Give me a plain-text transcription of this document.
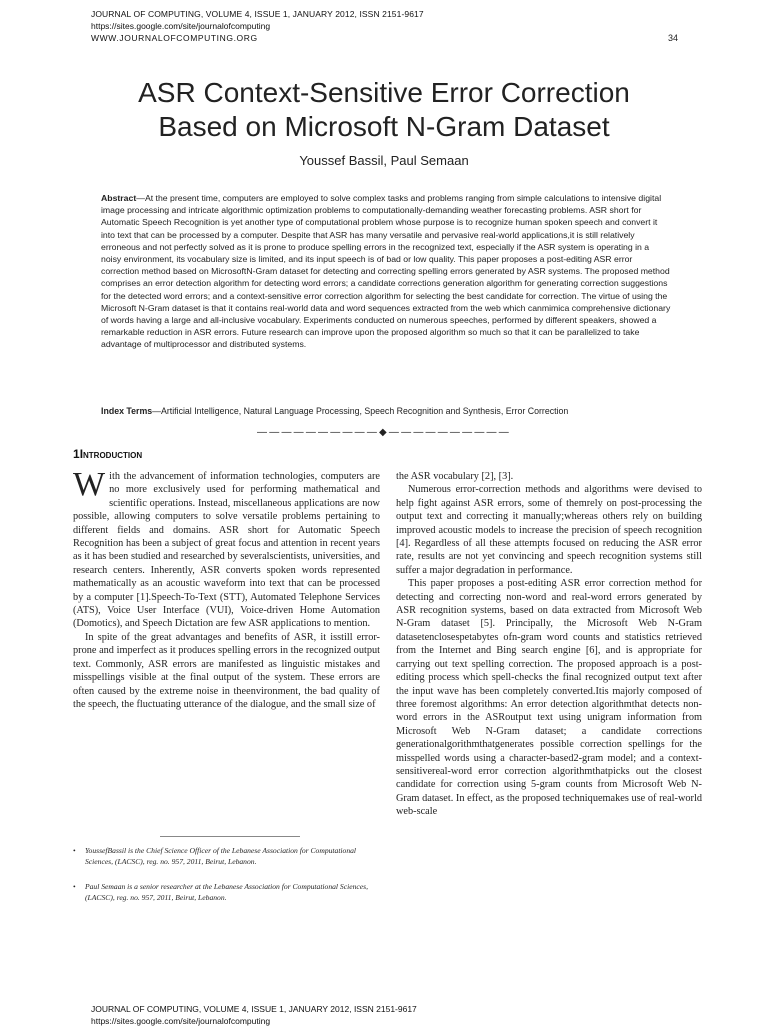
JOURNAL OF COMPUTING, VOLUME 4, ISSUE 1, JANUARY 2012, ISSN 2151-9617
https://sites.google.com/site/journalofcomputing
WWW.JOURNALOFCOMPUTING.ORG	34
ASR Context-Sensitive Error Correction
Based on Microsoft N-Gram Dataset
Youssef Bassil, Paul Semaan
Abstract—At the present time, computers are employed to solve complex tasks and problems ranging from simple calculations to intensive digital image processing and intricate algorithmic optimization problems to computationally-demanding weather forecasting problems. ASR short for Automatic Speech Recognition is yet another type of computational problem whose purpose is to recognize human spoken speech and convert it into text that can be processed by a computer. Despite that ASR has many versatile and pervasive real-world applications,it is still relatively erroneous and not perfectly solved as it is prone to produce spelling errors in the recognized text, especially if the ASR system is operating in a noisy environment, its vocabulary size is limited, and its input speech is of bad or low quality. This paper proposes a post-editing ASR error correction method based on MicrosoftN-Gram dataset for detecting and correcting spelling errors generated by ASR systems. The proposed method comprises an error detection algorithm for detecting word errors; a candidate corrections generation algorithm for generating correction suggestions for the detected word errors; and a context-sensitive error correction algorithm for selecting the best candidate for correction. The virtue of using the Microsoft N-Gram dataset is that it contains real-world data and word sequences extracted from the web which canmimica comprehensive dictionary of words having a large and all-inclusive vocabulary. Experiments conducted on numerous speeches, performed by different speakers, showed a remarkable reduction in ASR errors. Future research can improve upon the proposed algorithm so much so that it can be parallelized to take advantage of multiprocessor and distributed systems.
Index Terms—Artificial Intelligence, Natural Language Processing, Speech Recognition and Synthesis, Error Correction
——————————◆——————————
1Introduction

With the advancement of information technologies, computers are no more exclusively used for performing mathematical and scientific operations. Instead, miscellaneous applications are now possible, allowing computers to solve versatile problems pertaining to different fields and domains. ASR short for Automatic Speech Recognition has been a subject of great focus and attention in recent years as it has been studied and researched by severalscientists, universities, and research centers. Inherently, ASR converts spoken words represented mathematically as an acoustic waveform into text that can be processed by a computer [1].Speech-To-Text (STT), Automated Telephone Services (ATS), Voice User Interface (VUI), Voice-driven Home Automation (Domotics), and Speech Dictation are few ASR applications to mention.

In spite of the great advantages and benefits of ASR, it isstill error-prone and imperfect as it produces spelling errors in the recognized output text. Commonly, ASR errors are manifested as linguistic mistakes and misspellings visible at the final output of the system. These errors are often caused by the extreme noise in theenvironment, the bad quality of the speech, the fluctuating utterance of the dialogue, and the small size of

the ASR vocabulary [2], [3].

Numerous error-correction methods and algorithms were devised to help fight against ASR errors, some of themrely on post-processing the output text and correcting it manually;whereas others rely on building improved acoustic models to increase the precision of speech recognition [4]. Regardless of all these attempts focused on reducing the ASR error rate, results are not yet convincing and speech recognition systems still suffer a major degradation in performance.

This paper proposes a post-editing ASR error correction method for detecting and correcting non-word and real-word errors generated by ASR recognition systems, based on data extracted from Microsoft Web N-Gram dataset [5]. Principally, the Microsoft Web N-Gram datasetenclosespetabytes ofn-gram word counts and statistics retrieved from the Internet and Bing search engine [6], and is appropriate for carrying out text spelling correction. The proposed approach is a post-editing process which spell-checks the final recognized output text after the input wave has been completely converted.Itis majorly composed of three foremost algorithms: An error detection algorithmthat detects non-word errors in the ASRoutput text using unigram information from Microsoft Web N-Gram dataset; a candidate corrections generationalgorithmthatgenerates possible correction spellings for the misspelled words using a character-based2-gram model; and a context-sensitivereal-word error correction algorithmthatpicks out the closest candidate for correction using 5-gram counts from Microsoft Web N-Gram dataset. In effect, as the proposed techniquemakes use of real-world web-scale

• YoussefBassil is the Chief Science Officer of the Lebanese Association for Computational Sciences, (LACSC), reg. no. 957, 2011, Beirut, Lebanon.
• Paul Semaan is a senior researcher at the Lebanese Association for Computational Sciences, (LACSC), reg. no. 957, 2011, Beirut, Lebanon.
JOURNAL OF COMPUTING, VOLUME 4, ISSUE 1, JANUARY 2012, ISSN 2151-9617
https://sites.google.com/site/journalofcomputing
